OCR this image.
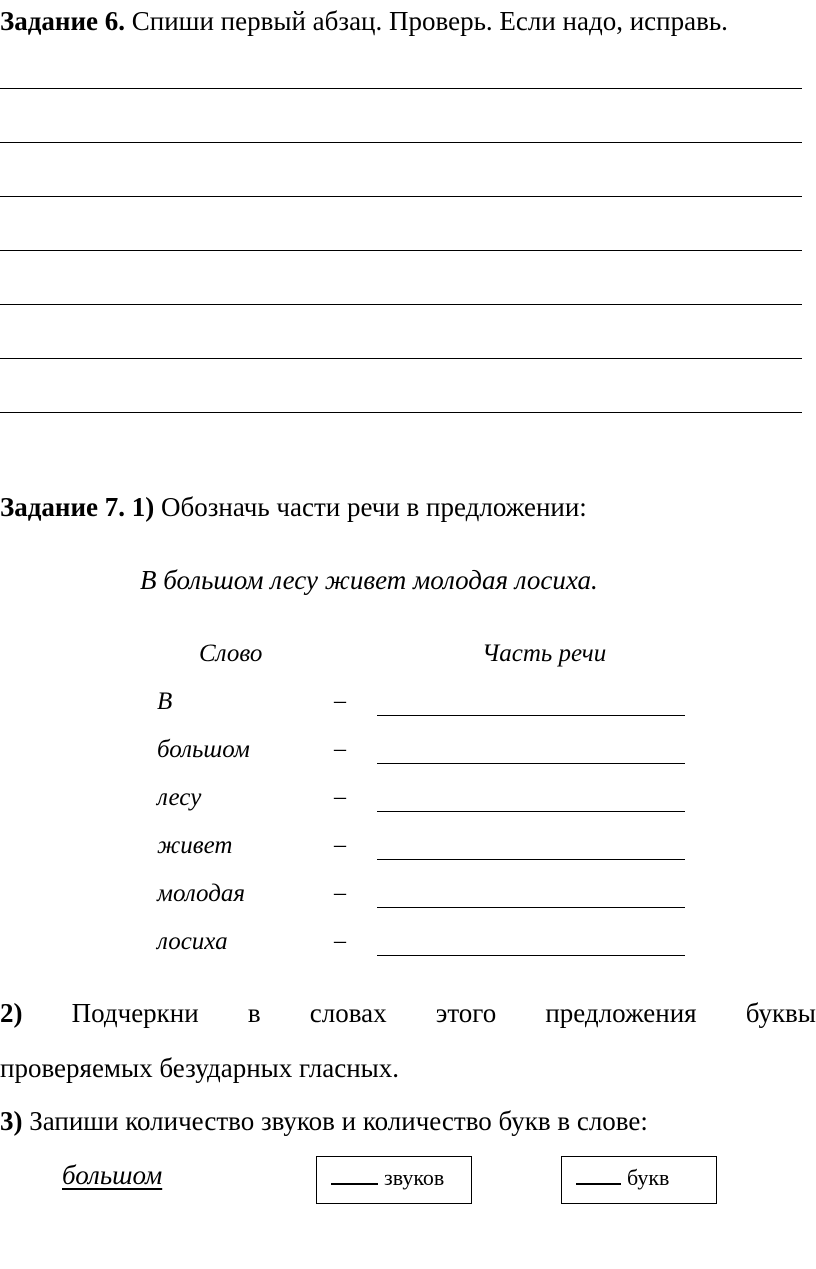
Задание 6. Спиши первый абзац. Проверь. Если надо, исправь.
Задание 7. 1) Обозначь части речи в предложении:
В большом лесу живет молодая лосиха.
Слово	Часть речи
В	–
большом	–
лесу	–
живет	–
молодая	–
лосиха	–
2) Подчеркни в словах этого предложения буквы
проверяемых безударных гласных.
3) Запиши количество звуков и количество букв в слове:
большом	звуков	букв
